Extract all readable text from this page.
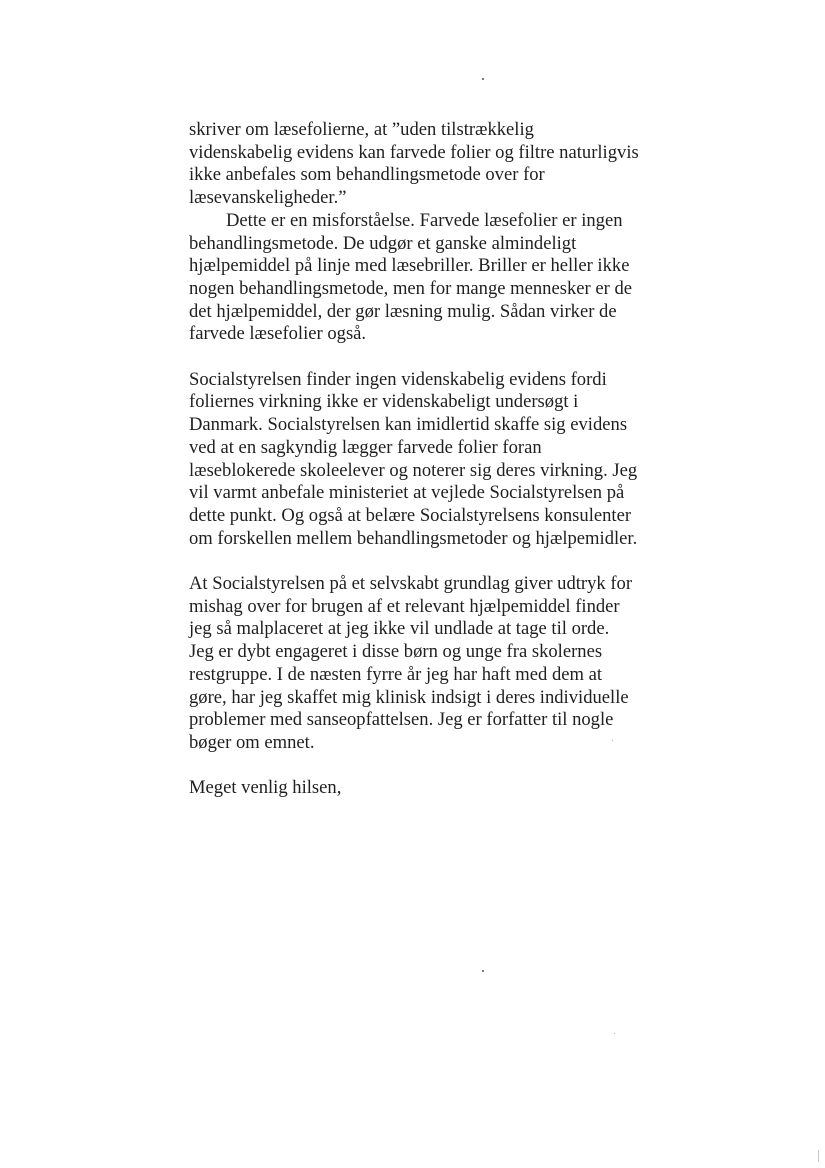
skriver om læsefolierne, at ”uden tilstrækkelig
videnskabelig evidens kan farvede folier og filtre naturligvis
ikke anbefales som behandlingsmetode over for
læsevanskeligheder.”
Dette er en misforståelse. Farvede læsefolier er ingen
behandlingsmetode. De udgør et ganske almindeligt
hjælpemiddel på linje med læsebriller. Briller er heller ikke
nogen behandlingsmetode, men for mange mennesker er de
det hjælpemiddel, der gør læsning mulig. Sådan virker de
farvede læsefolier også.
Socialstyrelsen finder ingen videnskabelig evidens fordi
foliernes virkning ikke er videnskabeligt undersøgt i
Danmark. Socialstyrelsen kan imidlertid skaffe sig evidens
ved at en sagkyndig lægger farvede folier foran
læseblokerede skoleelever og noterer sig deres virkning. Jeg
vil varmt anbefale ministeriet at vejlede Socialstyrelsen på
dette punkt. Og også at belære Socialstyrelsens konsulenter
om forskellen mellem behandlingsmetoder og hjælpemidler.
At Socialstyrelsen på et selvskabt grundlag giver udtryk for
mishag over for brugen af et relevant hjælpemiddel finder
jeg så malplaceret at jeg ikke vil undlade at tage til orde.
Jeg er dybt engageret i disse børn og unge fra skolernes
restgruppe. I de næsten fyrre år jeg har haft med dem at
gøre, har jeg skaffet mig klinisk indsigt i deres individuelle
problemer med sanseopfattelsen. Jeg er forfatter til nogle
bøger om emnet.
Meget venlig hilsen,
